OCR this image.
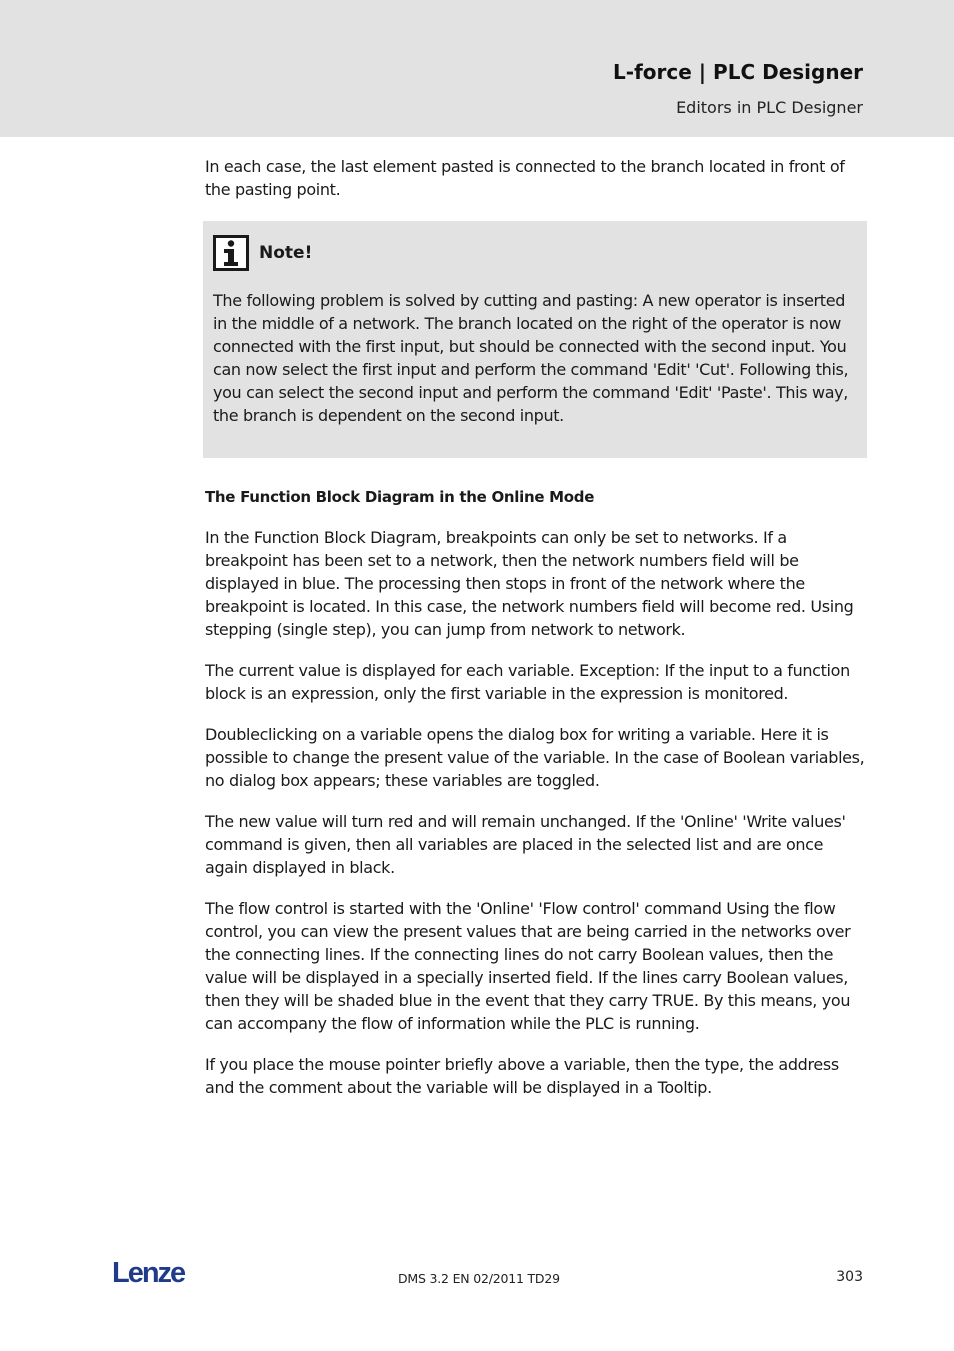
L-force | PLC Designer
Editors in PLC Designer

In each case, the last element pasted is connected to the branch located in front of the pasting point.

Note!

The following problem is solved by cutting and pasting: A new operator is inserted in the middle of a network. The branch located on the right of the operator is now connected with the first input, but should be connected with the second input. You can now select the first input and perform the command 'Edit' 'Cut'. Following this, you can select the second input and perform the command 'Edit' 'Paste'. This way, the branch is dependent on the second input.

The Function Block Diagram in the Online Mode

In the Function Block Diagram, breakpoints can only be set to networks. If a breakpoint has been set to a network, then the network numbers field will be displayed in blue. The processing then stops in front of the network where the breakpoint is located. In this case, the network numbers field will become red. Using stepping (single step), you can jump from network to network.

The current value is displayed for each variable. Exception: If the input to a function block is an expression, only the first variable in the expression is monitored.

Doubleclicking on a variable opens the dialog box for writing a variable. Here it is possible to change the present value of the variable. In the case of Boolean variables, no dialog box appears; these variables are toggled.

The new value will turn red and will remain unchanged. If the 'Online' 'Write values' command is given, then all variables are placed in the selected list and are once again displayed in black.

The flow control is started with the 'Online' 'Flow control' command Using the flow control, you can view the present values that are being carried in the networks over the connecting lines. If the connecting lines do not carry Boolean values, then the value will be displayed in a specially inserted field. If the lines carry Boolean values, then they will be shaded blue in the event that they carry TRUE. By this means, you can accompany the flow of information while the PLC is running.

If you place the mouse pointer briefly above a variable, then the type, the address and the comment about the variable will be displayed in a Tooltip.

Lenze	DMS 3.2 EN 02/2011 TD29	303
